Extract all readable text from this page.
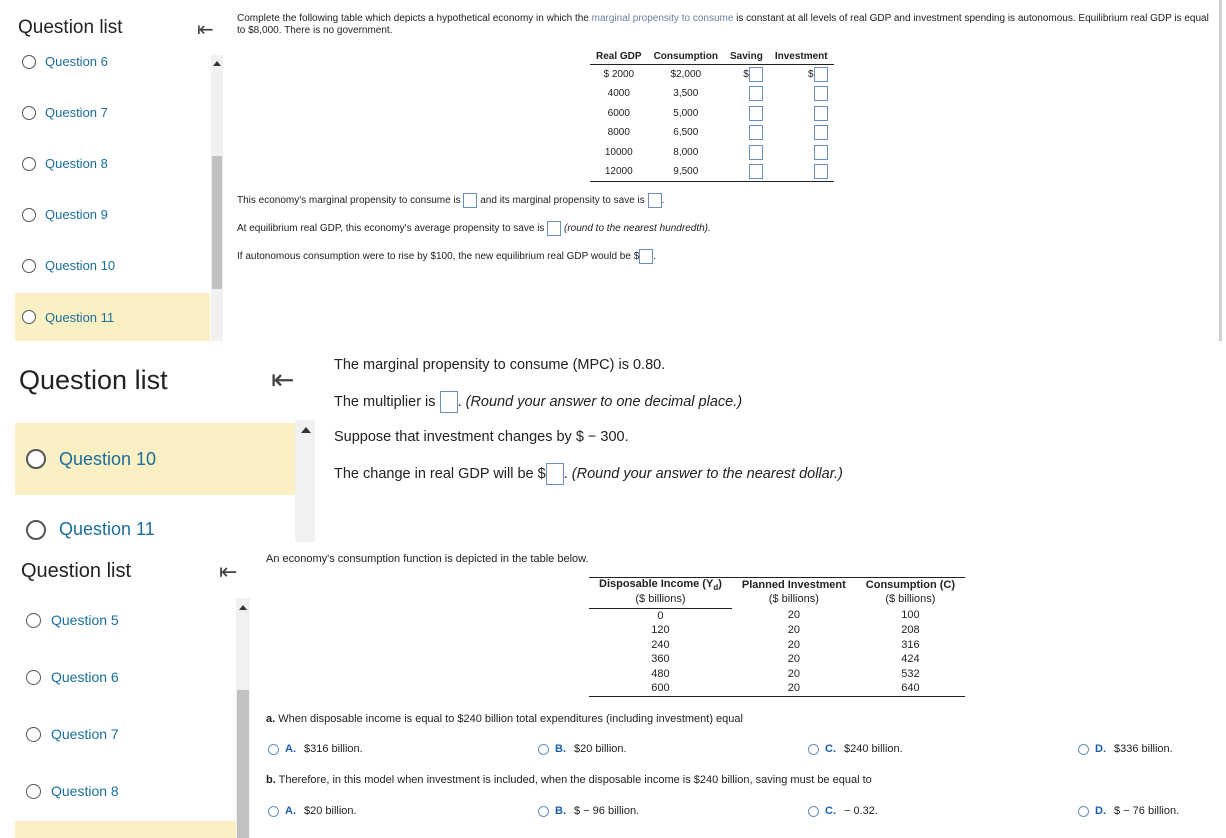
Question list	⇤
Question 6
Question 7
Question 8
Question 9
Question 10
Question 11
Complete the following table which depicts a hypothetical economy in which the marginal propensity to consume is constant at all levels of real GDP and investment spending is autonomous. Equilibrium real GDP is equal to $8,000. There is no government.
Real GDP	Consumption	Saving	Investment
$ 2000	$2,000	$	$
4000	3,500		
6000	5,000		
8000	6,500		
10000	8,000		
12000	9,500		
This economy's marginal propensity to consume is  and its marginal propensity to save is .
At equilibrium real GDP, this economy's average propensity to save is  (round to the nearest hundredth).
If autonomous consumption were to rise by $100, the new equilibrium real GDP would be $ .
Question list	⇤
Question 10
Question 11
The marginal propensity to consume (MPC) is 0.80.
The multiplier is . (Round your answer to one decimal place.)
Suppose that investment changes by $ − 300.
The change in real GDP will be $ . (Round your answer to the nearest dollar.)
Question list	⇤
Question 5
Question 6
Question 7
Question 8
An economy's consumption function is depicted in the table below.
Disposable Income $(Y_d)$	Planned Investment	Consumption (C)
($ billions)	($ billions)	($ billions)
0	20	100
120	20	208
240	20	316
360	20	424
480	20	532
600	20	640
a. When disposable income is equal to $240 billion total expenditures (including investment) equal
A. $316 billion.	B. $20 billion.	C. $240 billion.	D. $336 billion.
b. Therefore, in this model when investment is included, when the disposable income is $240 billion, saving must be equal to
A. $20 billion.	B. $ − 96 billion.	C. − 0.32.	D. $ − 76 billion.
